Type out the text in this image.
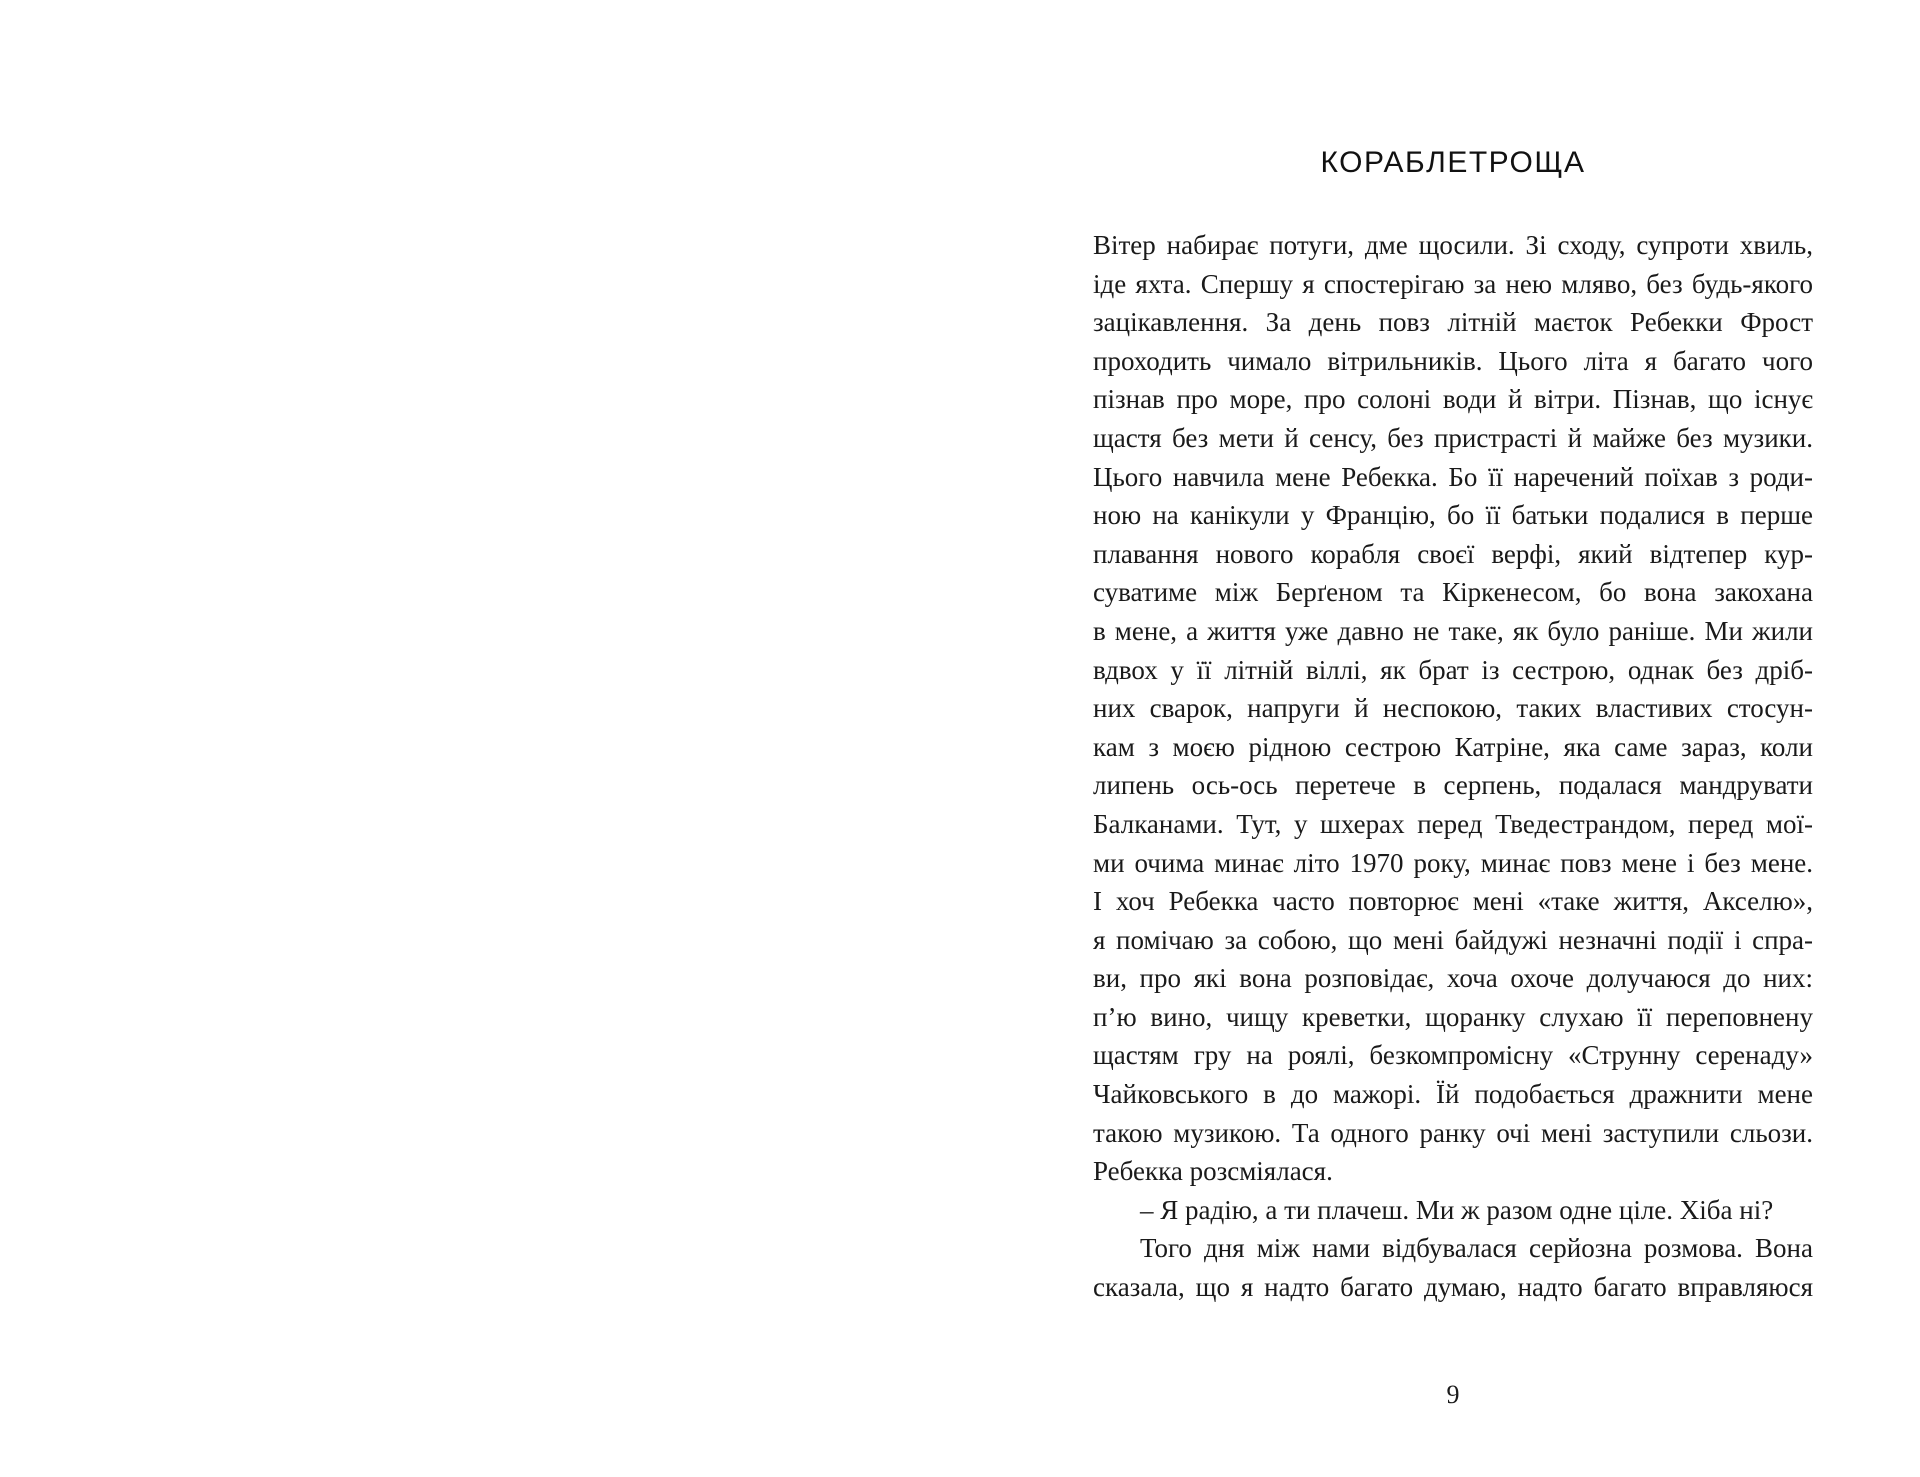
КОРАБЛЕТРОЩА
Вітер набирає потуги, дме щосили. Зі сходу, супроти хвиль,
іде яхта. Спершу я спостерігаю за нею мляво, без будь-якого
зацікавлення. За день повз літній маєток Ребекки Фрост
проходить чимало вітрильників. Цього літа я багато чого
пізнав про море, про солоні води й вітри. Пізнав, що існує
щастя без мети й сенсу, без пристрасті й майже без музики.
Цього навчила мене Ребекка. Бо її наречений поїхав з роди-
ною на канікули у Францію, бо її батьки подалися в перше
плавання нового корабля своєї верфі, який відтепер кур-
суватиме між Берґеном та Кіркенесом, бо вона закохана
в мене, а життя уже давно не таке, як було раніше. Ми жили
вдвох у її літній віллі, як брат із сестрою, однак без дріб-
них сварок, напруги й неспокою, таких властивих стосун-
кам з моєю рідною сестрою Катріне, яка саме зараз, коли
липень ось-ось перетече в серпень, подалася мандрувати
Балканами. Тут, у шхерах перед Тведестрандом, перед мої-
ми очима минає літо 1970 року, минає повз мене і без мене.
І хоч Ребекка часто повторює мені «таке життя, Акселю»,
я помічаю за собою, що мені байдужі незначні події і спра-
ви, про які вона розповідає, хоча охоче долучаюся до них:
п’ю вино, чищу креветки, щоранку слухаю її переповнену
щастям гру на роялі, безкомпромісну «Струнну серенаду»
Чайковського в до мажорі. Їй подобається дражнити мене
такою музикою. Та одного ранку очі мені заступили сльози.
Ребекка розсміялася.
– Я радію, а ти плачеш. Ми ж разом одне ціле. Хіба ні?
Того дня між нами відбувалася серйозна розмова. Вона
сказала, що я надто багато думаю, надто багато вправляюся
9
